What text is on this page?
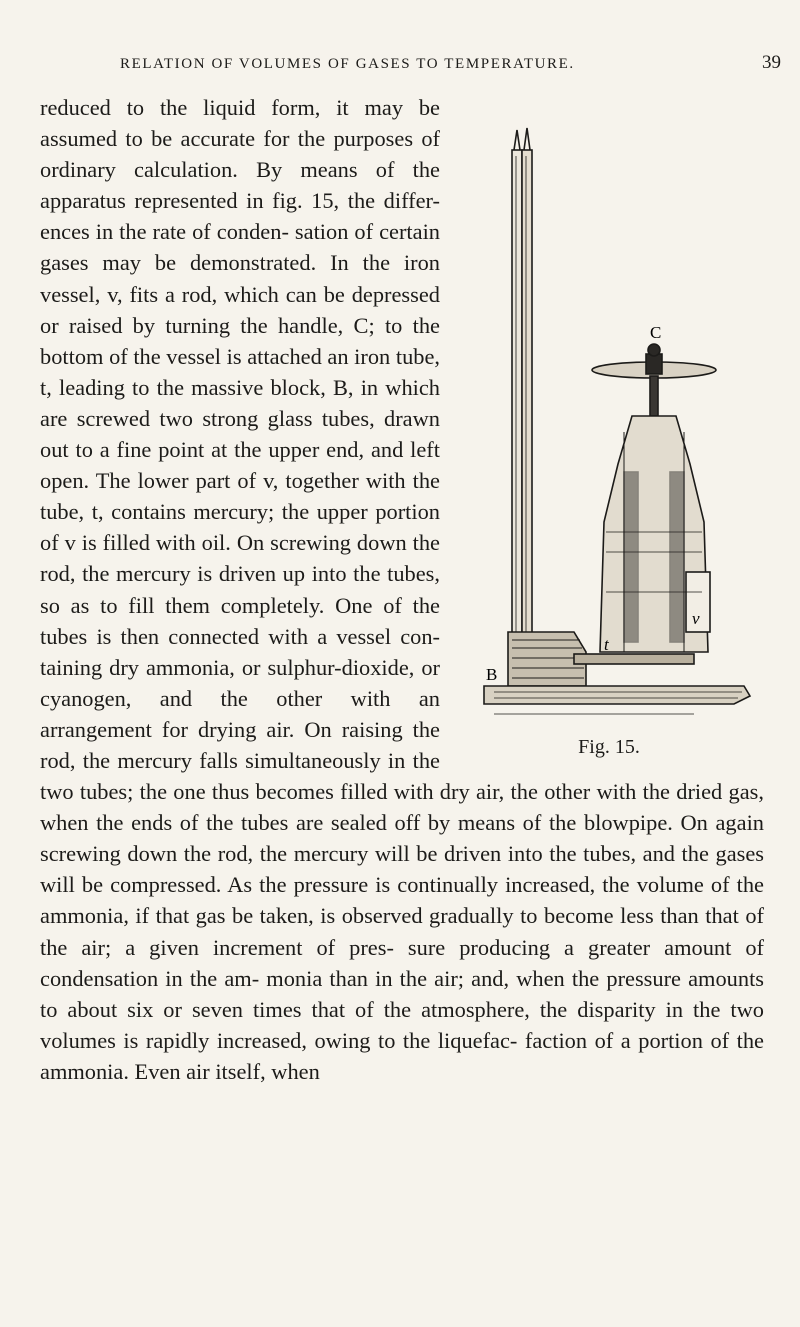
RELATION OF VOLUMES OF GASES TO TEMPERATURE.	39
C
B
v
t
Fig. 15.

reduced to the liquid form, it may be assumed to be accurate for the purposes of ordinary calculation. By means of the apparatus represented in fig. 15, the differ- ences in the rate of conden- sation of certain gases may be demonstrated. In the iron vessel, v, fits a rod, which can be depressed or raised by turning the handle, C; to the bottom of the vessel is attached an iron tube, t, leading to the massive block, B, in which are screwed two strong glass tubes, drawn out to a fine point at the upper end, and left open. The lower part of v, together with the tube, t, contains mercury; the upper portion of v is filled with oil. On screwing down the rod, the mercury is driven up into the tubes, so as to fill them completely. One of the tubes is then connected with a vessel con- taining dry ammonia, or sulphur-dioxide, or cyanogen, and the other with an arrangement for drying air. On raising the rod, the mercury falls simultaneously in the two tubes; the one thus becomes filled with dry air, the other with the dried gas, when the ends of the tubes are sealed off by means of the blowpipe. On again screwing down the rod, the mercury will be driven into the tubes, and the gases will be compressed. As the pressure is continually increased, the volume of the ammonia, if that gas be taken, is observed gradually to become less than that of the air; a given increment of pres- sure producing a greater amount of condensation in the am- monia than in the air; and, when the pressure amounts to about six or seven times that of the atmosphere, the disparity in the two volumes is rapidly increased, owing to the liquefac- faction of a portion of the ammonia. Even air itself, when
